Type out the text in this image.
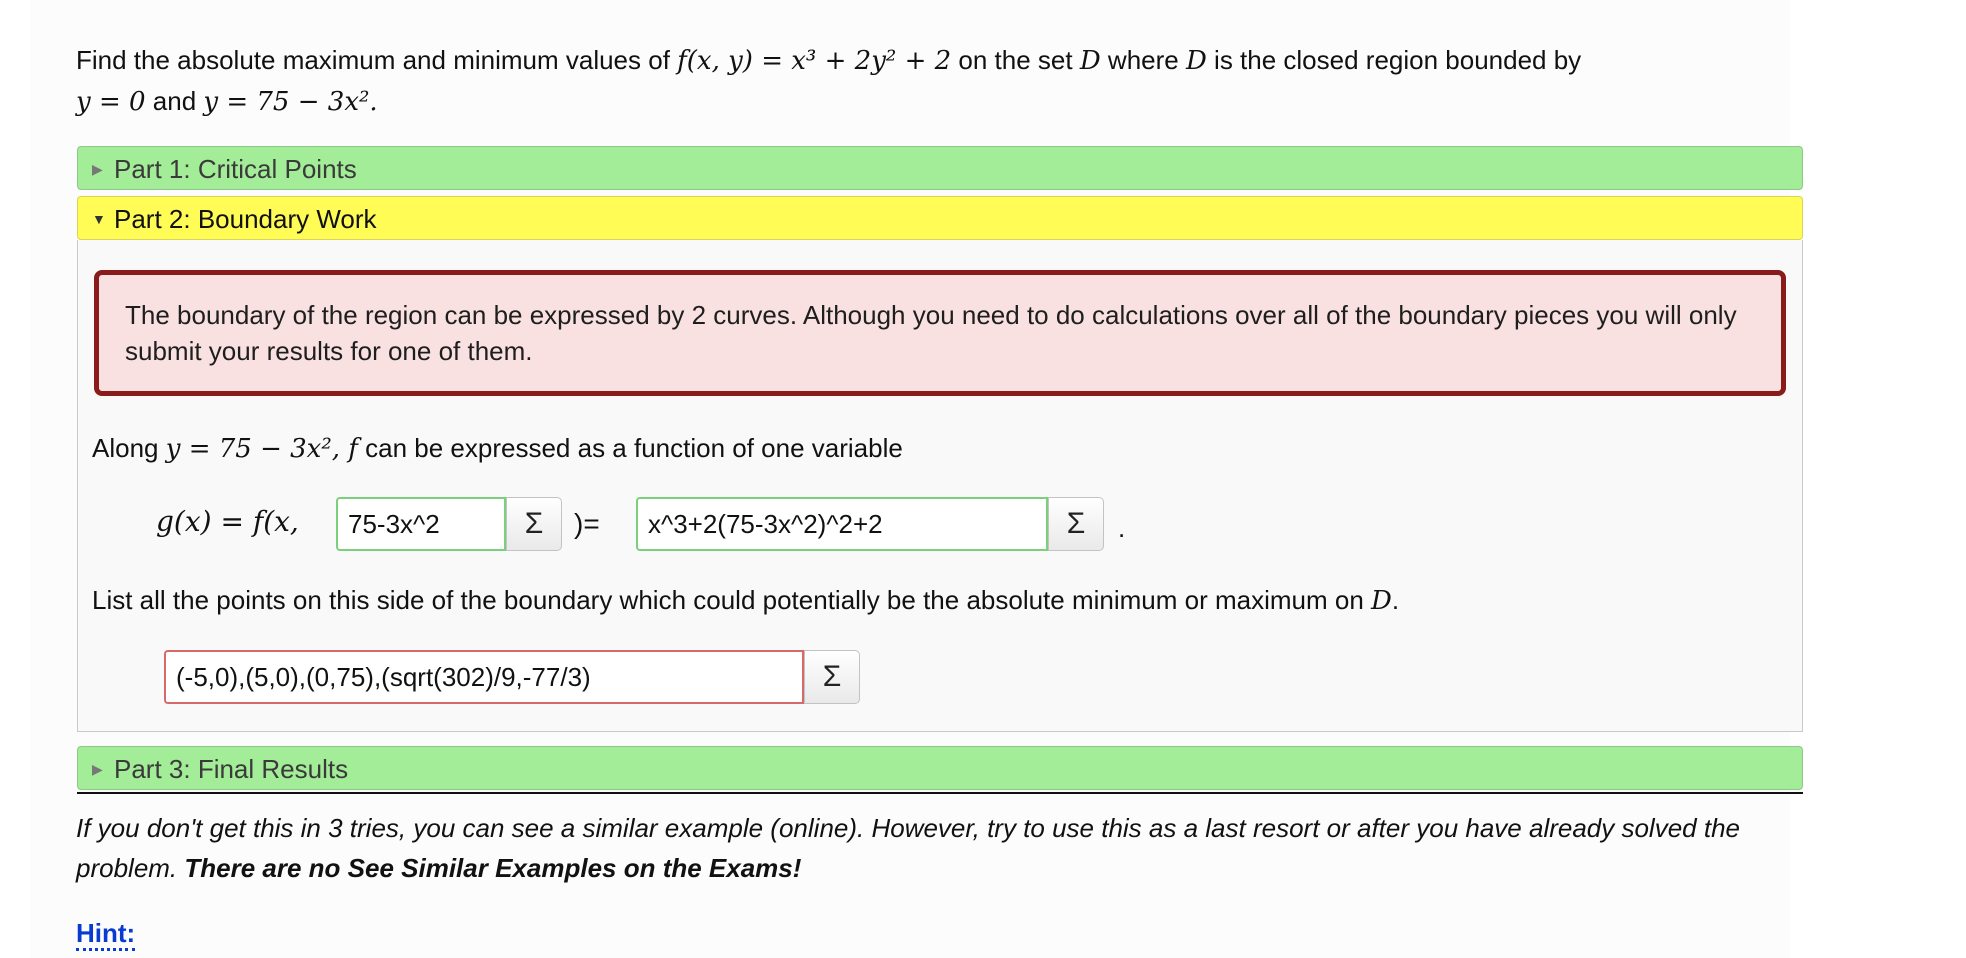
Find the absolute maximum and minimum values of f(x, y) = x³ + 2y² + 2 on the set D where D is the closed region bounded by
y = 0 and y = 75 − 3x².
▶ Part 1: Critical Points
▼ Part 2: Boundary Work
The boundary of the region can be expressed by 2 curves. Although you need to do calculations over all of the boundary pieces you will only submit your results for one of them.
Along y = 75 − 3x², f can be expressed as a function of one variable
g(x) = f(x,	75-3x^2	Σ	)=	x^3+2(75-3x^2)^2+2	Σ	.
List all the points on this side of the boundary which could potentially be the absolute minimum or maximum on D.
(-5,0),(5,0),(0,75),(sqrt(302)/9,-77/3)	Σ
▶ Part 3: Final Results
If you don't get this in 3 tries, you can see a similar example (online). However, try to use this as a last resort or after you have already solved the problem. There are no See Similar Examples on the Exams!
Hint:
